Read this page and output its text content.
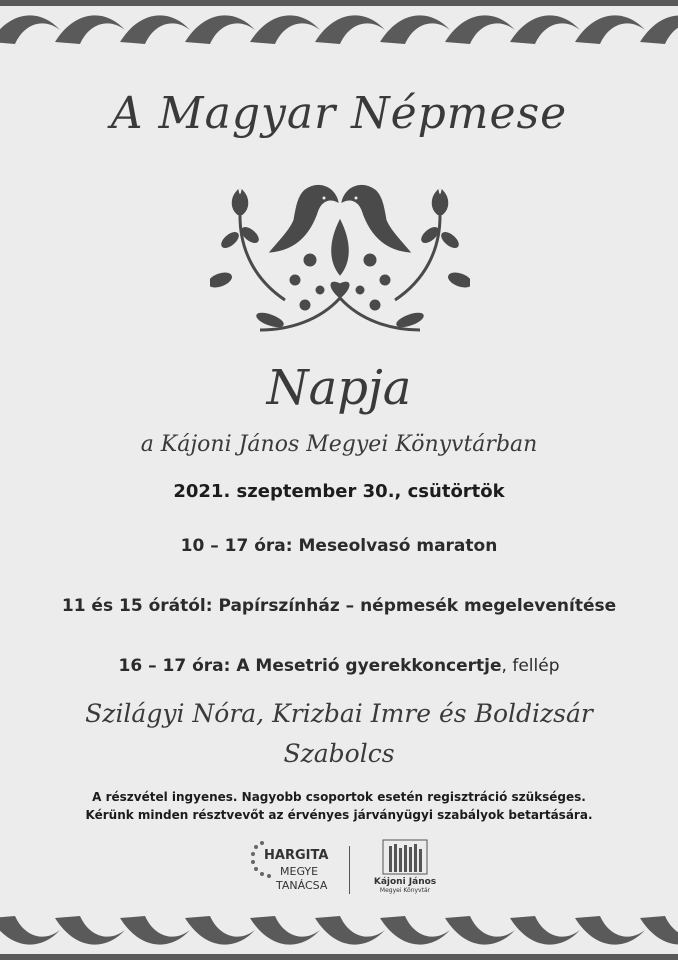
A Magyar Népmese
Napja
a Kájoni János Megyei Könyvtárban
2021. szeptember 30., csütörtök
10 – 17 óra: Meseolvasó maraton
11 és 15 órától: Papírszínház – népmesék megelevenítése
16 – 17 óra: A Mesetrió gyerekkoncertje, fellép
Szilágyi Nóra, Krizbai Imre és Boldizsár Szabolcs
A részvétel ingyenes. Nagyobb csoportok esetén regisztráció szükséges.
Kérünk minden résztvevőt az érvényes járványügyi szabályok betartására.
HARGITA
MEGYE
TANÁCSA	Kájoni János
Megyei Könyvtár
